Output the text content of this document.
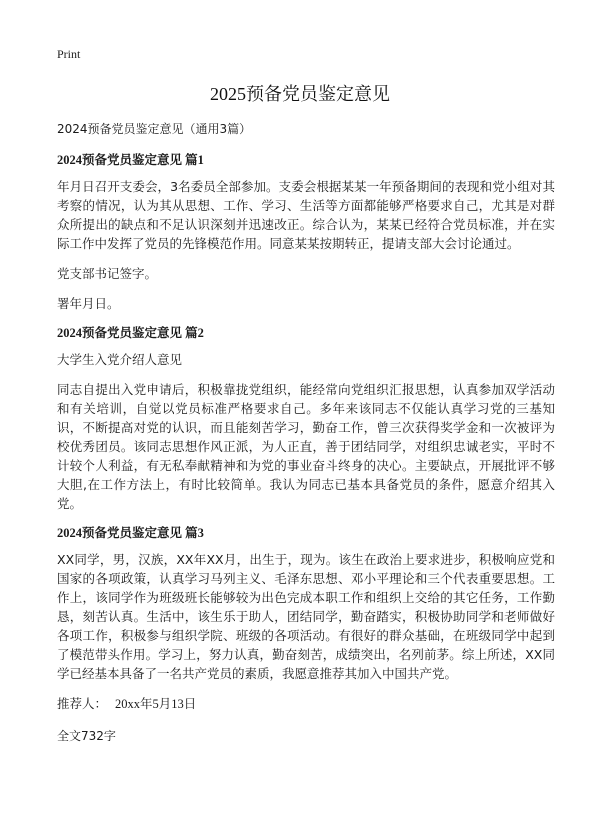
Print
2025预备党员鉴定意见
2024预备党员鉴定意见（通用3篇）
2024预备党员鉴定意见 篇1

年月日召开支委会，3名委员全部参加。支委会根据某某一年预备期间的表现和党小组对其考察的情况，认为其从思想、工作、学习、生活等方面都能够严格要求自己，尤其是对群众所提出的缺点和不足认识深刻并迅速改正。综合认为，某某已经符合党员标准，并在实际工作中发挥了党员的先锋模范作用。同意某某按期转正，提请支部大会讨论通过。

党支部书记签字。

署年月日。

2024预备党员鉴定意见 篇2

大学生入党介绍人意见

同志自提出入党申请后，积极靠拢党组织，能经常向党组织汇报思想，认真参加双学活动和有关培训，自觉以党员标准严格要求自己。多年来该同志不仅能认真学习党的三基知识，不断提高对党的认识，而且能刻苦学习，勤奋工作，曾三次获得奖学金和一次被评为校优秀团员。该同志思想作风正派，为人正直，善于团结同学，对组织忠诚老实，平时不计较个人利益，有无私奉献精神和为党的事业奋斗终身的决心。主要缺点，开展批评不够大胆,在工作方法上，有时比较简单。我认为同志已基本具备党员的条件，愿意介绍其入党。

2024预备党员鉴定意见 篇3

XX同学，男，汉族，XX年XX月，出生于，现为。该生在政治上要求进步，积极响应党和国家的各项政策，认真学习马列主义、毛泽东思想、邓小平理论和三个代表重要思想。工作上，该同学作为班级班长能够较为出色完成本职工作和组织上交给的其它任务，工作勤恳，刻苦认真。生活中，该生乐于助人，团结同学，勤奋踏实，积极协助同学和老师做好各项工作，积极参与组织学院、班级的各项活动。有很好的群众基础，在班级同学中起到了模范带头作用。学习上，努力认真，勤奋刻苦，成绩突出，名列前茅。综上所述，XX同学已经基本具备了一名共产党员的素质，我愿意推荐其加入中国共产党。

推荐人： 20xx年5月13日
全文732字
